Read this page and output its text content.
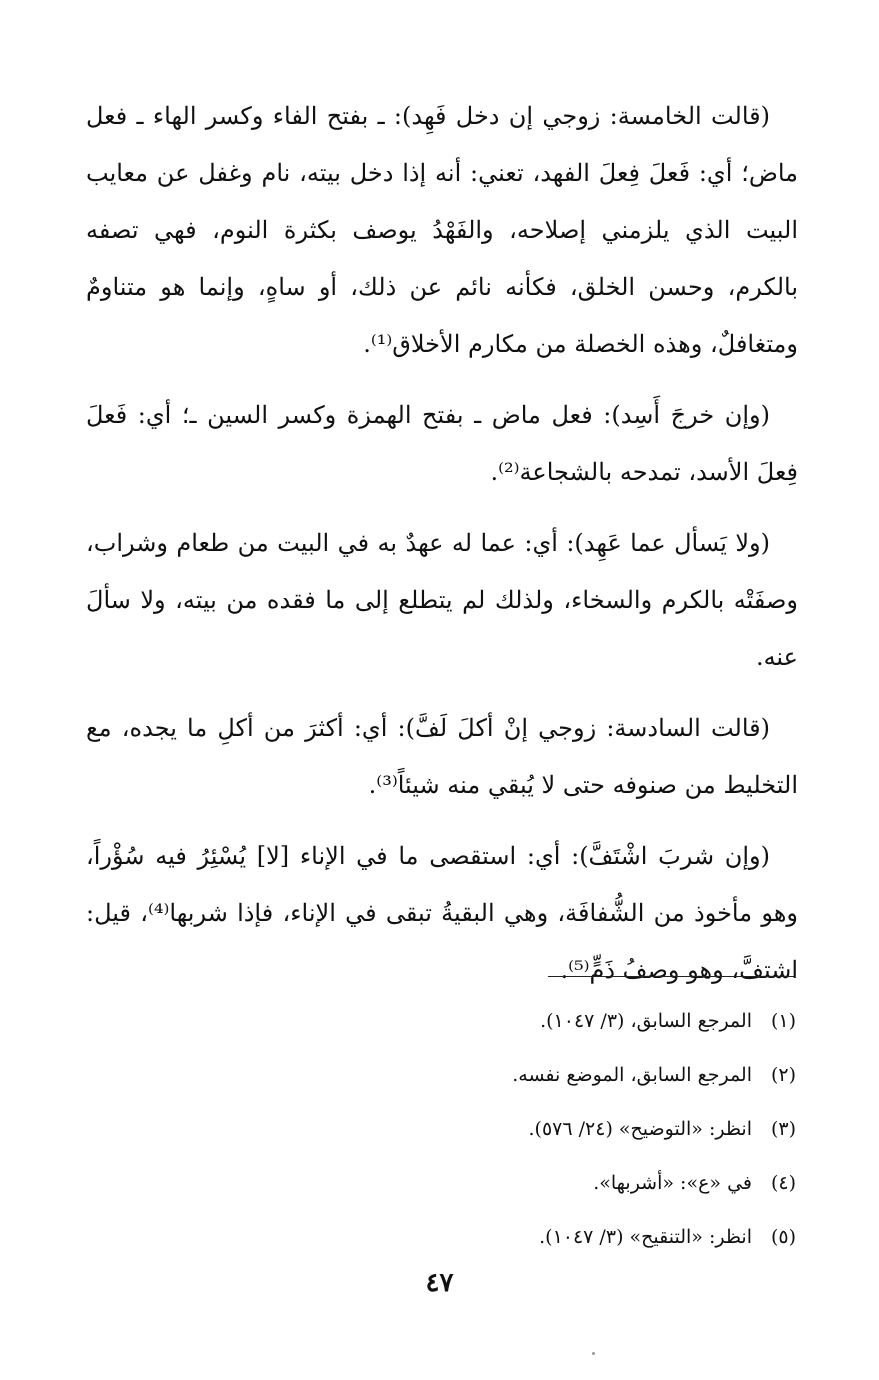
(قالت الخامسة: زوجي إن دخل فَهِد): ـ بفتح الفاء وكسر الهاء ـ فعل ماض؛ أي: فَعلَ فِعلَ الفهد، تعني: أنه إذا دخل بيته، نام وغفل عن معايب البيت الذي يلزمني إصلاحه، والفَهْدُ يوصف بكثرة النوم، فهي تصفه بالكرم، وحسن الخلق، فكأنه نائم عن ذلك، أو ساهٍ، وإنما هو متناومٌ ومتغافلٌ، وهذه الخصلة من مكارم الأخلاق⁽¹⁾.

(وإن خرجَ أَسِد): فعل ماض ـ بفتح الهمزة وكسر السين ـ؛ أي: فَعلَ فِعلَ الأسد، تمدحه بالشجاعة⁽²⁾.

(ولا يَسأل عما عَهِد): أي: عما له عهدٌ به في البيت من طعام وشراب، وصفَتْه بالكرم والسخاء، ولذلك لم يتطلع إلى ما فقده من بيته، ولا سألَ عنه.

(قالت السادسة: زوجي إنْ أكلَ لَفَّ): أي: أكثرَ من أكلِ ما يجده، مع التخليط من صنوفه حتى لا يُبقي منه شيئاً⁽³⁾.

(وإن شربَ اشْتَفَّ): أي: استقصى ما في الإناء [لا] يُسْئِرُ فيه سُؤْراً، وهو مأخوذ من الشُّفافَة، وهي البقيةُ تبقى في الإناء، فإذا شربها⁽⁴⁾، قيل: اشتفَّ، وهو وصفُ ذَمٍّ⁽⁵⁾.

(١)
المرجع السابق، (٣/ ١٠٤٧).
(٢)
المرجع السابق، الموضع نفسه.
(٣)
انظر: «التوضيح» (٢٤/ ٥٧٦).
(٤)
في «ع»: «أشربها».
(٥)
انظر: «التنقيح» (٣/ ١٠٤٧).
٤٧
